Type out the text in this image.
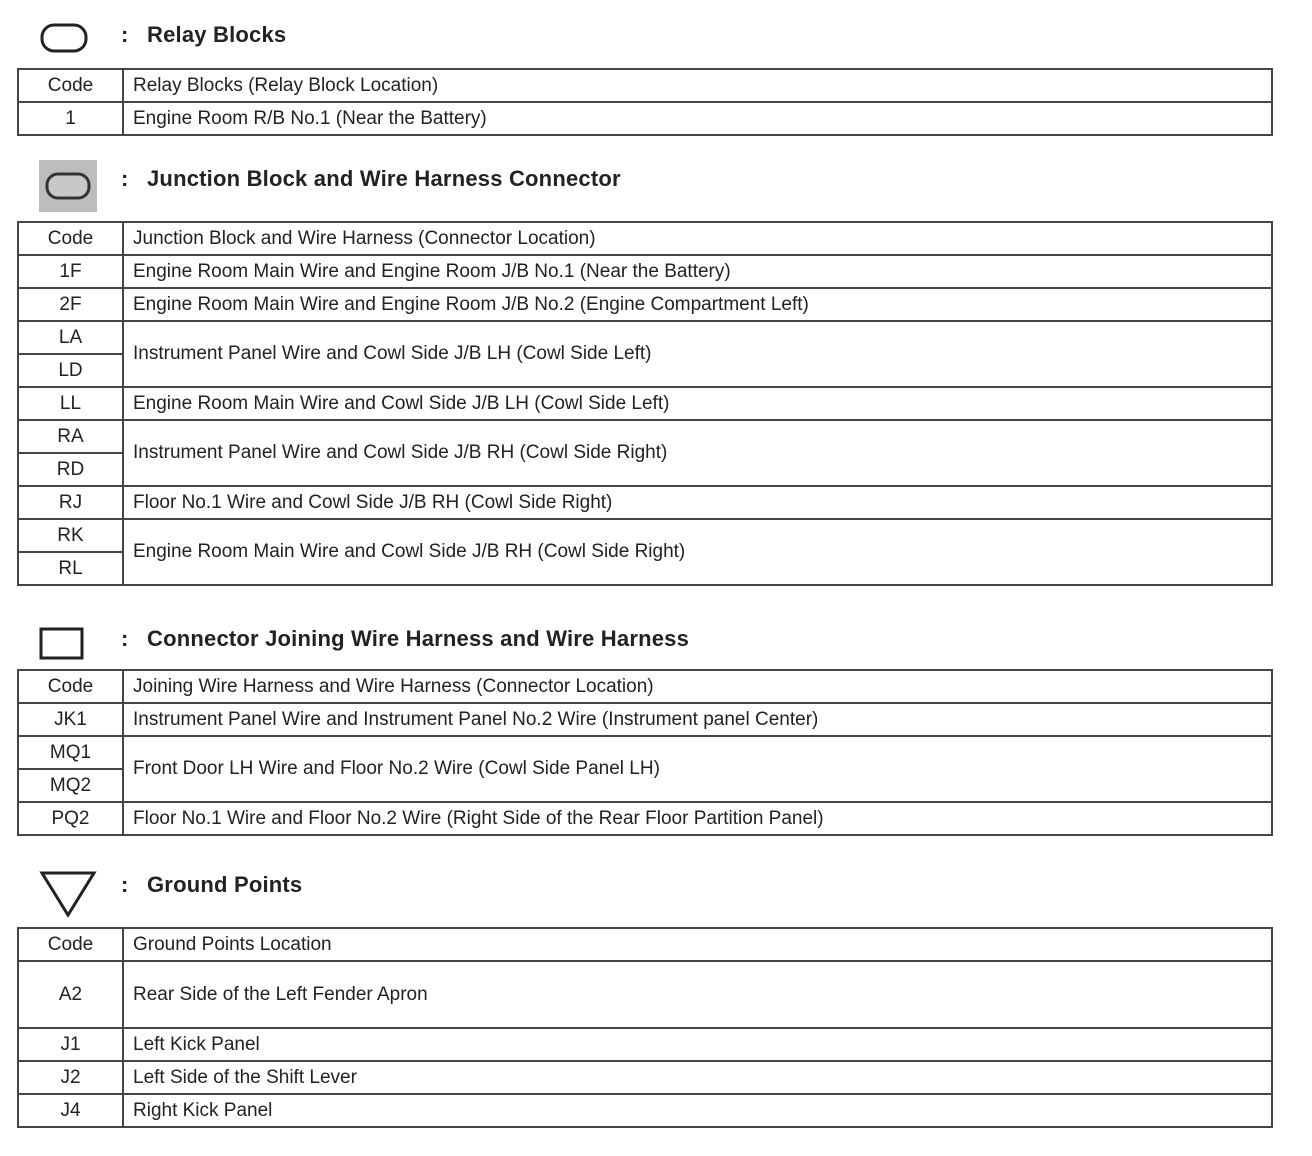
: Relay Blocks
Code	Relay Blocks (Relay Block Location)
1	Engine Room R/B No.1 (Near the Battery)
: Junction Block and Wire Harness Connector
Code	Junction Block and Wire Harness (Connector Location)
1F	Engine Room Main Wire and Engine Room J/B No.1 (Near the Battery)
2F	Engine Room Main Wire and Engine Room J/B No.2 (Engine Compartment Left)
LA	Instrument Panel Wire and Cowl Side J/B LH (Cowl Side Left)
LD	
LL	Engine Room Main Wire and Cowl Side J/B LH (Cowl Side Left)
RA	Instrument Panel Wire and Cowl Side J/B RH (Cowl Side Right)
RD	
RJ	Floor No.1 Wire and Cowl Side J/B RH (Cowl Side Right)
RK	Engine Room Main Wire and Cowl Side J/B RH (Cowl Side Right)
RL	
: Connector Joining Wire Harness and Wire Harness
Code	Joining Wire Harness and Wire Harness (Connector Location)
JK1	Instrument Panel Wire and Instrument Panel No.2 Wire (Instrument panel Center)
MQ1	Front Door LH Wire and Floor No.2 Wire (Cowl Side Panel LH)
MQ2	
PQ2	Floor No.1 Wire and Floor No.2 Wire (Right Side of the Rear Floor Partition Panel)
: Ground Points
Code	Ground Points Location
A2	Rear Side of the Left Fender Apron
J1	Left Kick Panel
J2	Left Side of the Shift Lever
J4	Right Kick Panel
